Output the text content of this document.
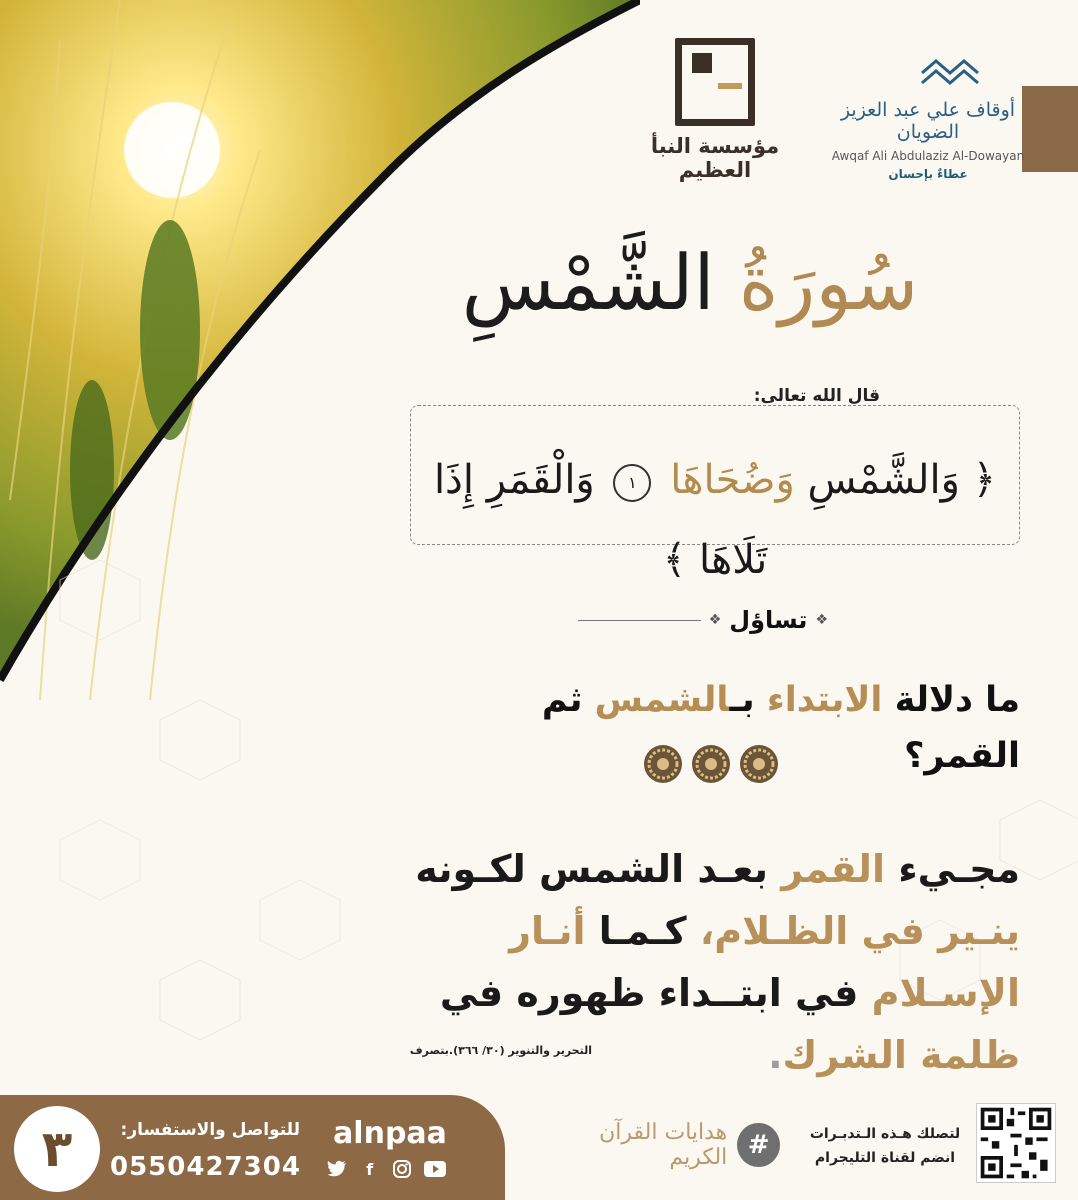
مؤسسة النبأ العظيم
أوقاف علي عبد العزيز الضويان
Awqaf Ali Abdulaziz Al-Dowayan
عطاءٌ بإحسان
سُورَةُ الشَّمْسِ
قال الله تعالى:
﴿ وَالشَّمْسِ وَضُحَاهَا ١ وَالْقَمَرِ إِذَا تَلَاهَا ﴾
❖
تساؤل
❖
ما دلالة الابتداء بـالشمس ثم القمر؟
مجـيء القمر بعـد الشمس لكـونه ينـير في الظـلام، كـمـا أنـار الإسـلام في ابتــداء ظهوره في ظلمة الشرك.
التحرير والتنوير (٣٠/ ٣٦٦).بتصرف
٣	للتواصل والاستفسار:
0550427304
alnpaa
f
#
هدايات القرآن الكريم
لتصلك هـذه الـتدبـرات
انضم لقناة التليجرام
